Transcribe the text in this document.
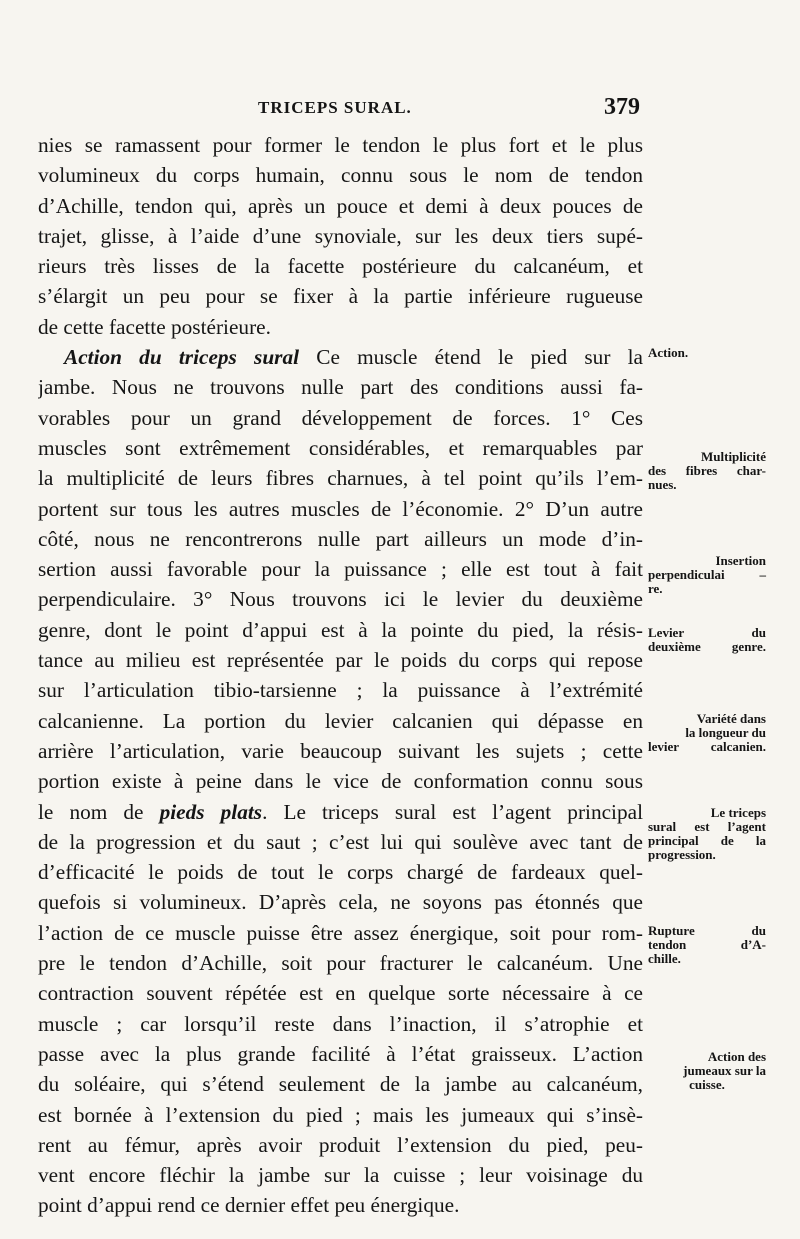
TRICEPS SURAL.	379
nies se ramassent pour former le tendon le plus fort et le plus
volumineux du corps humain, connu sous le nom de tendon
d’Achille, tendon qui, après un pouce et demi à deux pouces de
trajet, glisse, à l’aide d’une synoviale, sur les deux tiers supé-
rieurs très lisses de la facette postérieure du calcanéum, et
s’élargit un peu pour se fixer à la partie inférieure rugueuse
de cette facette postérieure.
Action du triceps sural Ce muscle étend le pied sur la
jambe. Nous ne trouvons nulle part des conditions aussi fa-
vorables pour un grand développement de forces. 1° Ces
muscles sont extrêmement considérables, et remarquables par
la multiplicité de leurs fibres charnues, à tel point qu’ils l’em-
portent sur tous les autres muscles de l’économie. 2° D’un autre
côté, nous ne rencontrerons nulle part ailleurs un mode d’in-
sertion aussi favorable pour la puissance ; elle est tout à fait
perpendiculaire. 3° Nous trouvons ici le levier du deuxième
genre, dont le point d’appui est à la pointe du pied, la résis-
tance au milieu est représentée par le poids du corps qui repose
sur l’articulation tibio-tarsienne ; la puissance à l’extrémité
calcanienne. La portion du levier calcanien qui dépasse en
arrière l’articulation, varie beaucoup suivant les sujets ; cette
portion existe à peine dans le vice de conformation connu sous
le nom de pieds plats. Le triceps sural est l’agent principal
de la progression et du saut ; c’est lui qui soulève avec tant de
d’efficacité le poids de tout le corps chargé de fardeaux quel-
quefois si volumineux. D’après cela, ne soyons pas étonnés que
l’action de ce muscle puisse être assez énergique, soit pour rom-
pre le tendon d’Achille, soit pour fracturer le calcanéum. Une
contraction souvent répétée est en quelque sorte nécessaire à ce
muscle ; car lorsqu’il reste dans l’inaction, il s’atrophie et
passe avec la plus grande facilité à l’état graisseux. L’action
du soléaire, qui s’étend seulement de la jambe au calcanéum,
est bornée à l’extension du pied ; mais les jumeaux qui s’insè-
rent au fémur, après avoir produit l’extension du pied, peu-
vent encore fléchir la jambe sur la cuisse ; leur voisinage du
point d’appui rend ce dernier effet peu énergique.
Action.
Multiplicité
des fibres char-
nues.
Insertion
perpendiculai –
re.
Levier du
deuxième genre.
Variété dans
la longueur du
levier calcanien.
Le triceps
sural est l’agent
principal de la
progression.
Rupture du
tendon d’A-
chille.
Action des
jumeaux sur la
cuisse.
